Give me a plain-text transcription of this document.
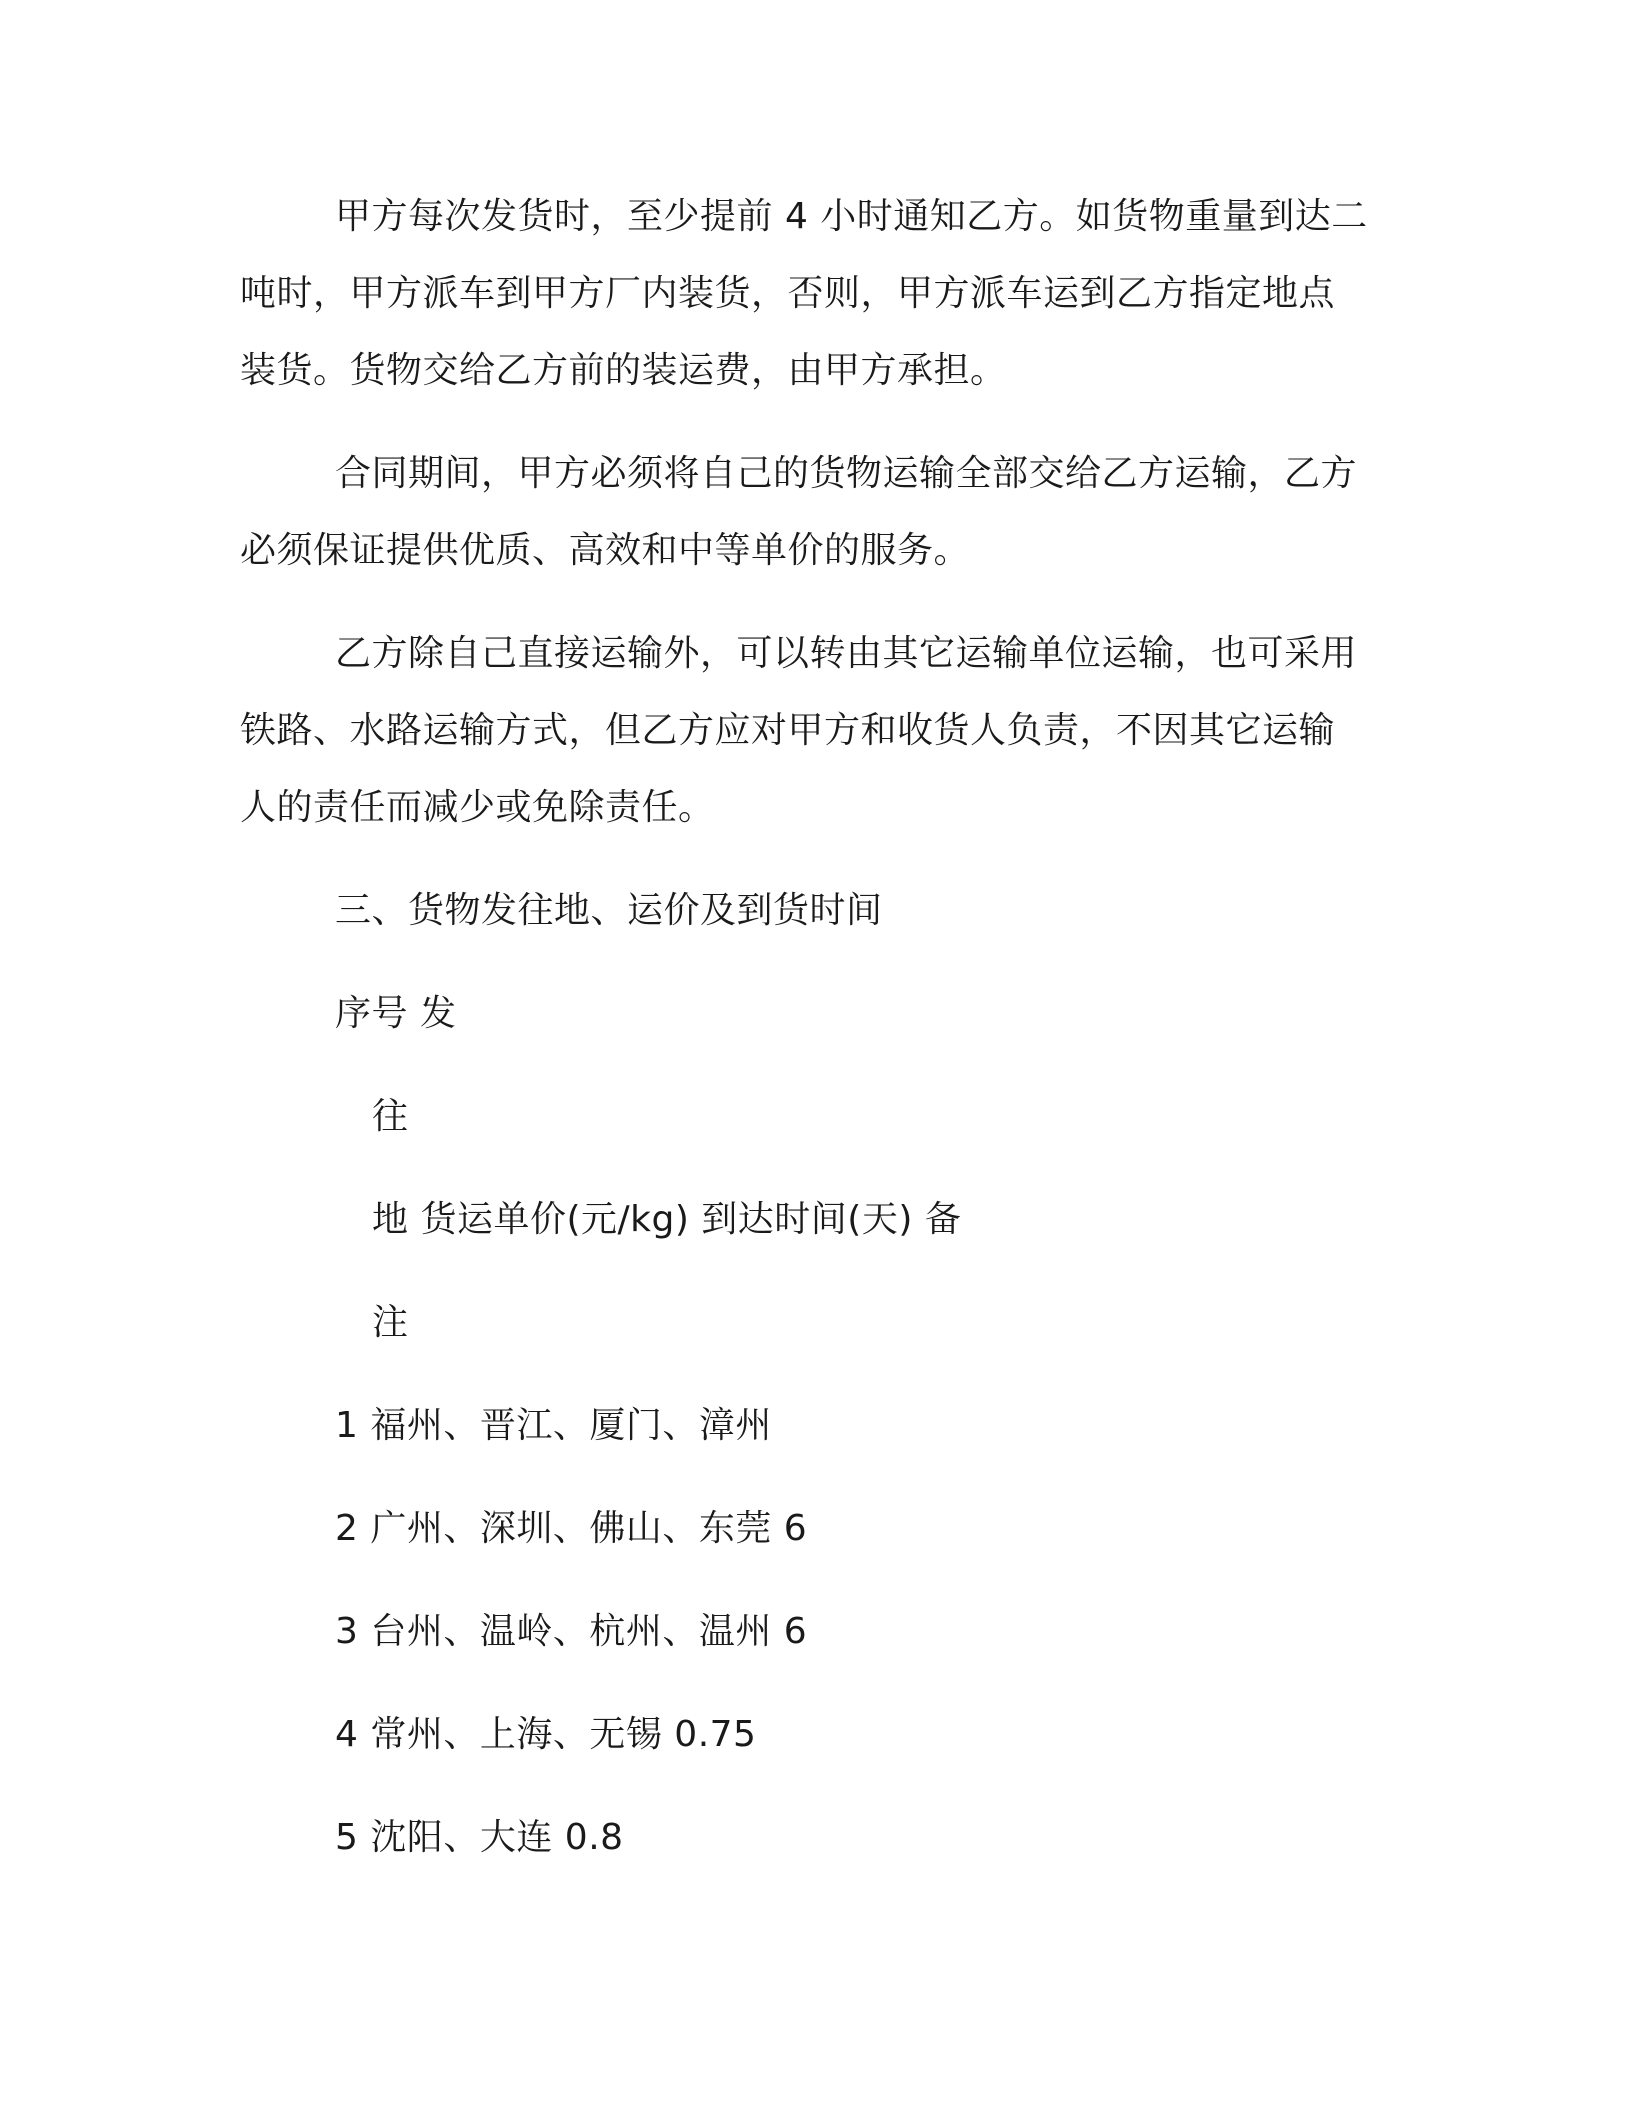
甲方每次发货时，至少提前 4 小时通知乙方。如货物重量到达二
吨时，甲方派车到甲方厂内装货，否则，甲方派车运到乙方指定地点
装货。货物交给乙方前的装运费，由甲方承担。
合同期间，甲方必须将自己的货物运输全部交给乙方运输，乙方
必须保证提供优质、高效和中等单价的服务。
乙方除自己直接运输外，可以转由其它运输单位运输，也可采用
铁路、水路运输方式，但乙方应对甲方和收货人负责，不因其它运输
人的责任而减少或免除责任。
三、货物发往地、运价及到货时间
序号 发
往
地 货运单价(元/kg) 到达时间(天) 备
注
1 福州、晋江、厦门、漳州
2 广州、深圳、佛山、东莞 6
3 台州、温岭、杭州、温州 6
4 常州、上海、无锡 0.75
5 沈阳、大连 0.8
